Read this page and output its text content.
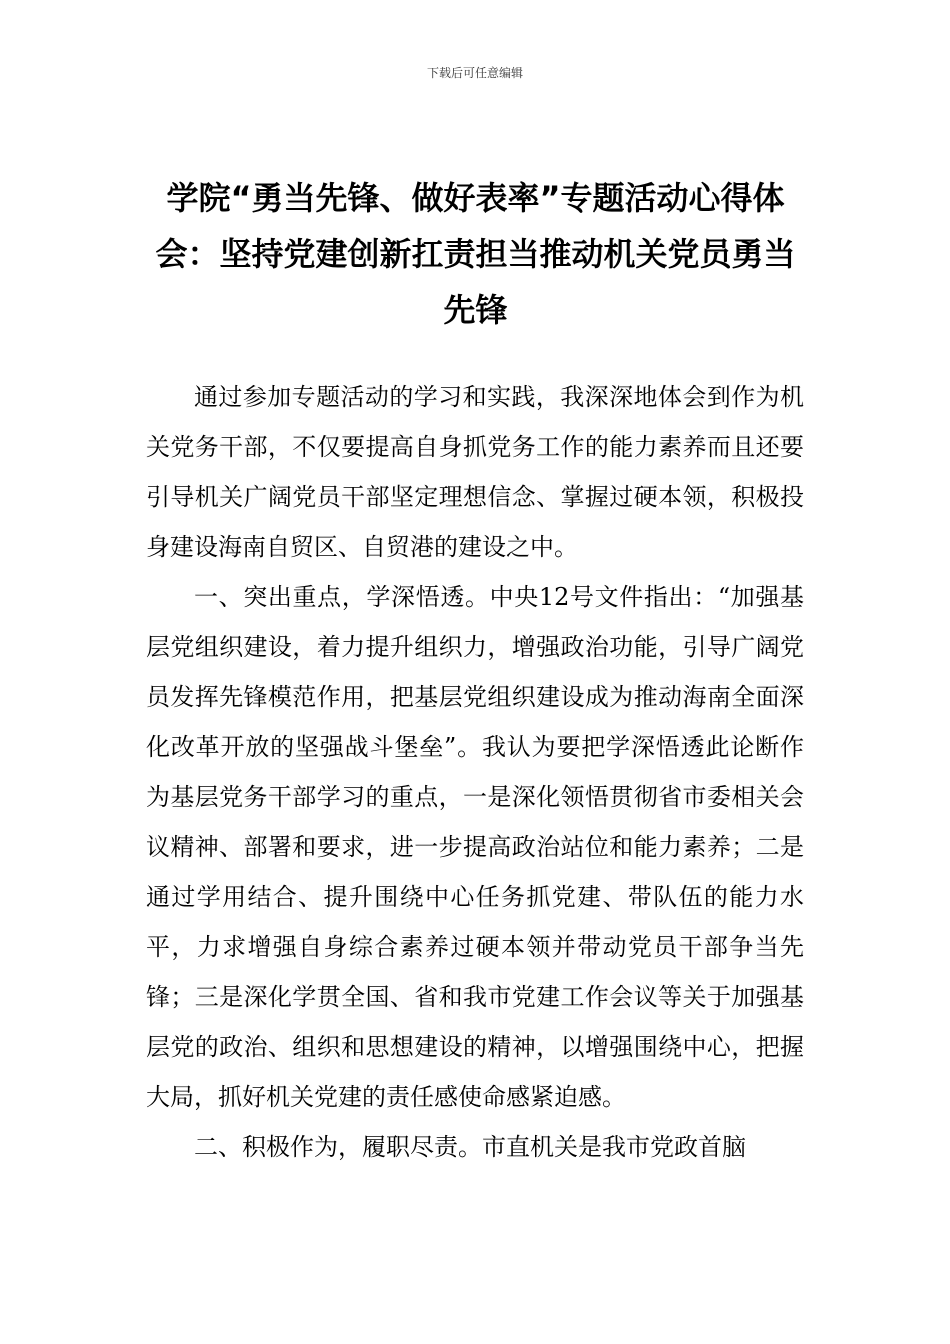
下载后可任意编辑
学院“勇当先锋、做好表率”专题活动心得体会：坚持党建创新扛责担当推动机关党员勇当先锋

通过参加专题活动的学习和实践，我深深地体会到作为机关党务干部，不仅要提高自身抓党务工作的能力素养而且还要引导机关广阔党员干部坚定理想信念、掌握过硬本领，积极投身建设海南自贸区、自贸港的建设之中。

一、突出重点，学深悟透。中央12号文件指出：“加强基层党组织建设，着力提升组织力，增强政治功能，引导广阔党员发挥先锋模范作用，把基层党组织建设成为推动海南全面深化改革开放的坚强战斗堡垒”。我认为要把学深悟透此论断作为基层党务干部学习的重点，一是深化领悟贯彻省市委相关会议精神、部署和要求，进一步提高政治站位和能力素养；二是通过学用结合、提升围绕中心任务抓党建、带队伍的能力水平，力求增强自身综合素养过硬本领并带动党员干部争当先锋；三是深化学贯全国、省和我市党建工作会议等关于加强基层党的政治、组织和思想建设的精神，以增强围绕中心，把握大局，抓好机关党建的责任感使命感紧迫感。

二、积极作为，履职尽责。市直机关是我市党政首脑
